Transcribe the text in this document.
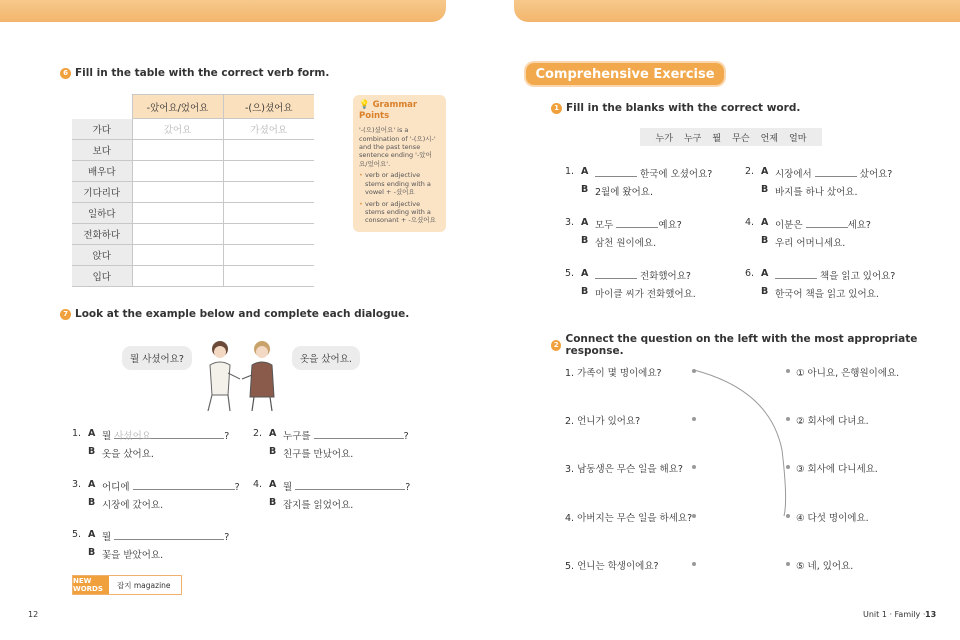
6 Fill in the table with the correct verb form.
-았어요/었어요	-(으)셨어요
가다	갔어요	가셨어요
보다		
배우다		
기다리다		
일하다		
전화하다		
앉다		
입다		
💡 Grammar Points
'-(으)셨어요' is a combination of '-(으)시-' and the past tense sentence ending '-았어요/었어요'.
• verb or adjective stems ending with a vowel + -셨어요
• verb or adjective stems ending with a consonant + -으셨어요
7 Look at the example below and complete each dialogue.
뭘 사셨어요?	옷을 샀어요.
1. A 뭘 사셨어요	?
B 옷을 샀어요.
2. A 누구를	?
B 친구를 만났어요.
3. A 어디에	?
B 시장에 갔어요.
4. A 뭘	?
B 잡지를 읽었어요.
5. A 뭘	?
B 꽃을 받았어요.
NEW WORDS	잡지 magazine
12
Comprehensive Exercise
1 Fill in the blanks with the correct word.
누가 누구 뭘 무슨 언제 얼마
1. A	한국에 오셨어요?
B 2월에 왔어요.
2. A 시장에서	샀어요?
B 바지를 하나 샀어요.
3. A 모두	예요?
B 삼천 원이에요.
4. A 이분은	세요?
B 우리 어머니세요.
5. A	전화했어요?
B 마이클 씨가 전화했어요.
6. A	책을 읽고 있어요?
B 한국어 책을 읽고 있어요.
2 Connect the question on the left with the most appropriate response.
1. 가족이 몇 명이에요?
2. 언니가 있어요?
3. 남동생은 무슨 일을 해요?
4. 아버지는 무슨 일을 하세요?
5. 언니는 학생이에요?
① 아니요, 은행원이에요.
② 회사에 다녀요.
③ 회사에 다니세요.
④ 다섯 명이에요.
⑤ 네, 있어요.
Unit 1 · Family · 13
